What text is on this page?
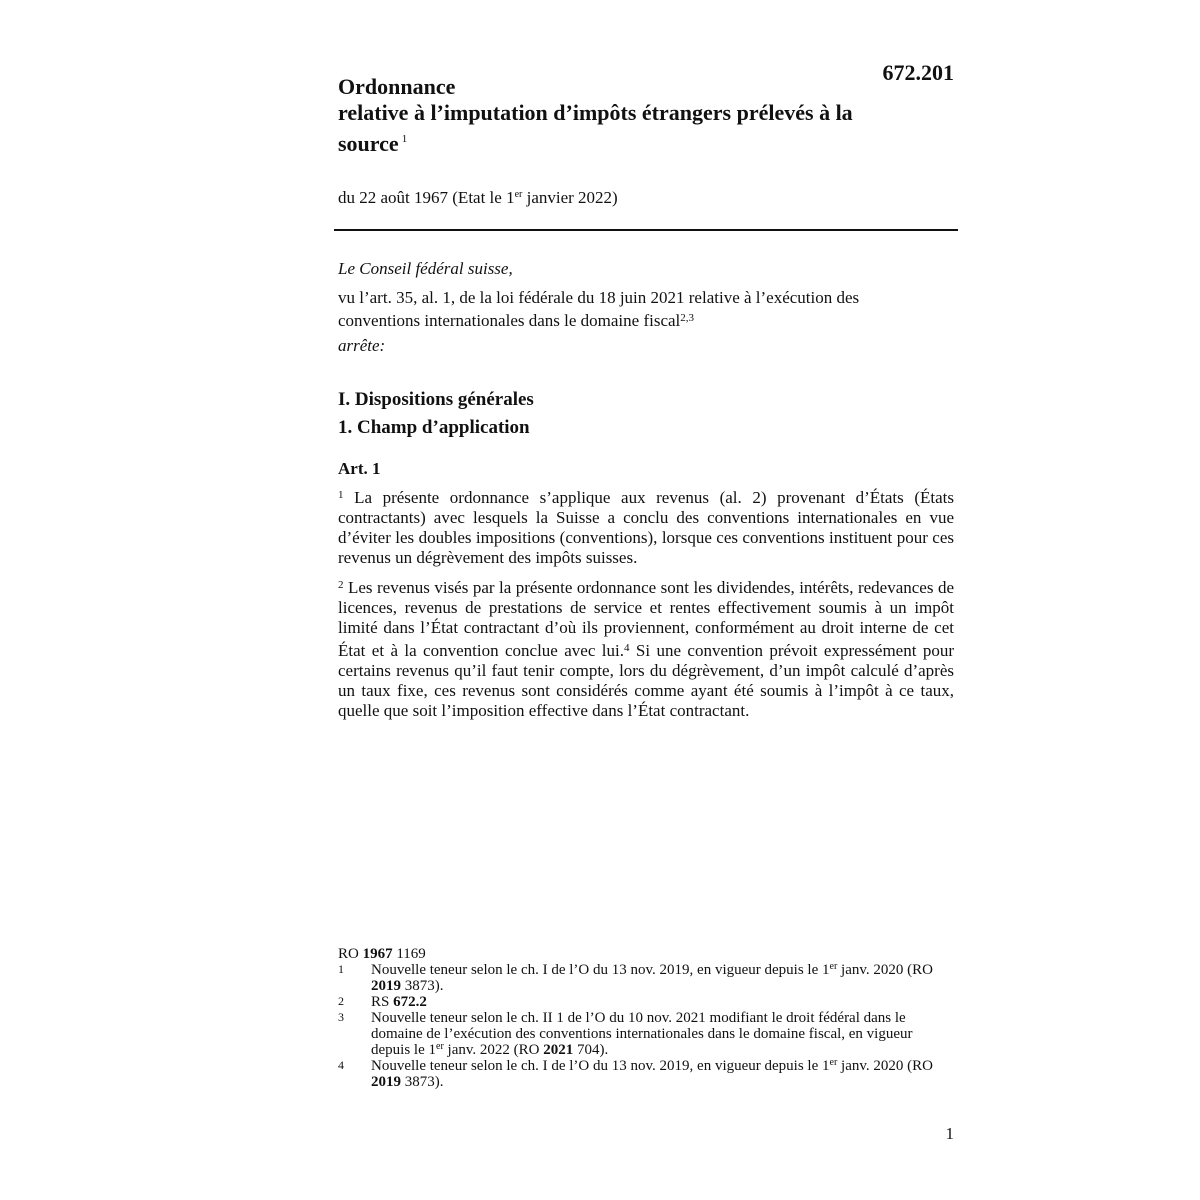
672.201
Ordonnance
relative à l’imputation d’impôts étrangers prélevés à la
source $^1$
du 22 août 1967 (Etat le 1er janvier 2022)

Le Conseil fédéral suisse,

vu l’art. 35, al. 1, de la loi fédérale du 18 juin 2021 relative à l’exécution des
conventions internationales dans le domaine fiscal$^{2,3}$

arrête:

I. Dispositions générales

1. Champ d’application

Art. 1

$^1$ La présente ordonnance s’applique aux revenus (al. 2) provenant d’États (États contractants) avec lesquels la Suisse a conclu des conventions internationales en vue d’éviter les doubles impositions (conventions), lorsque ces conventions instituent pour ces revenus un dégrèvement des impôts suisses.

$^2$ Les revenus visés par la présente ordonnance sont les dividendes, intérêts, redevances de licences, revenus de prestations de service et rentes effectivement soumis à un impôt limité dans l’État contractant d’où ils proviennent, conformément au droit interne de cet État et à la convention conclue avec lui.$^4$ Si une convention prévoit expressément pour certains revenus qu’il faut tenir compte, lors du dégrèvement, d’un impôt calculé d’après un taux fixe, ces revenus sont considérés comme ayant été soumis à l’impôt à ce taux, quelle que soit l’imposition effective dans l’État contractant.

RO 1967 1169
1	Nouvelle teneur selon le ch. I de l’O du 13 nov. 2019, en vigueur depuis le 1er janv. 2020 (RO 2019 3873).
2	RS 672.2
3	Nouvelle teneur selon le ch. II 1 de l’O du 10 nov. 2021 modifiant le droit fédéral dans le domaine de l’exécution des conventions internationales dans le domaine fiscal, en vigueur depuis le 1er janv. 2022 (RO 2021 704).
4	Nouvelle teneur selon le ch. I de l’O du 13 nov. 2019, en vigueur depuis le 1er janv. 2020 (RO 2019 3873).
1
